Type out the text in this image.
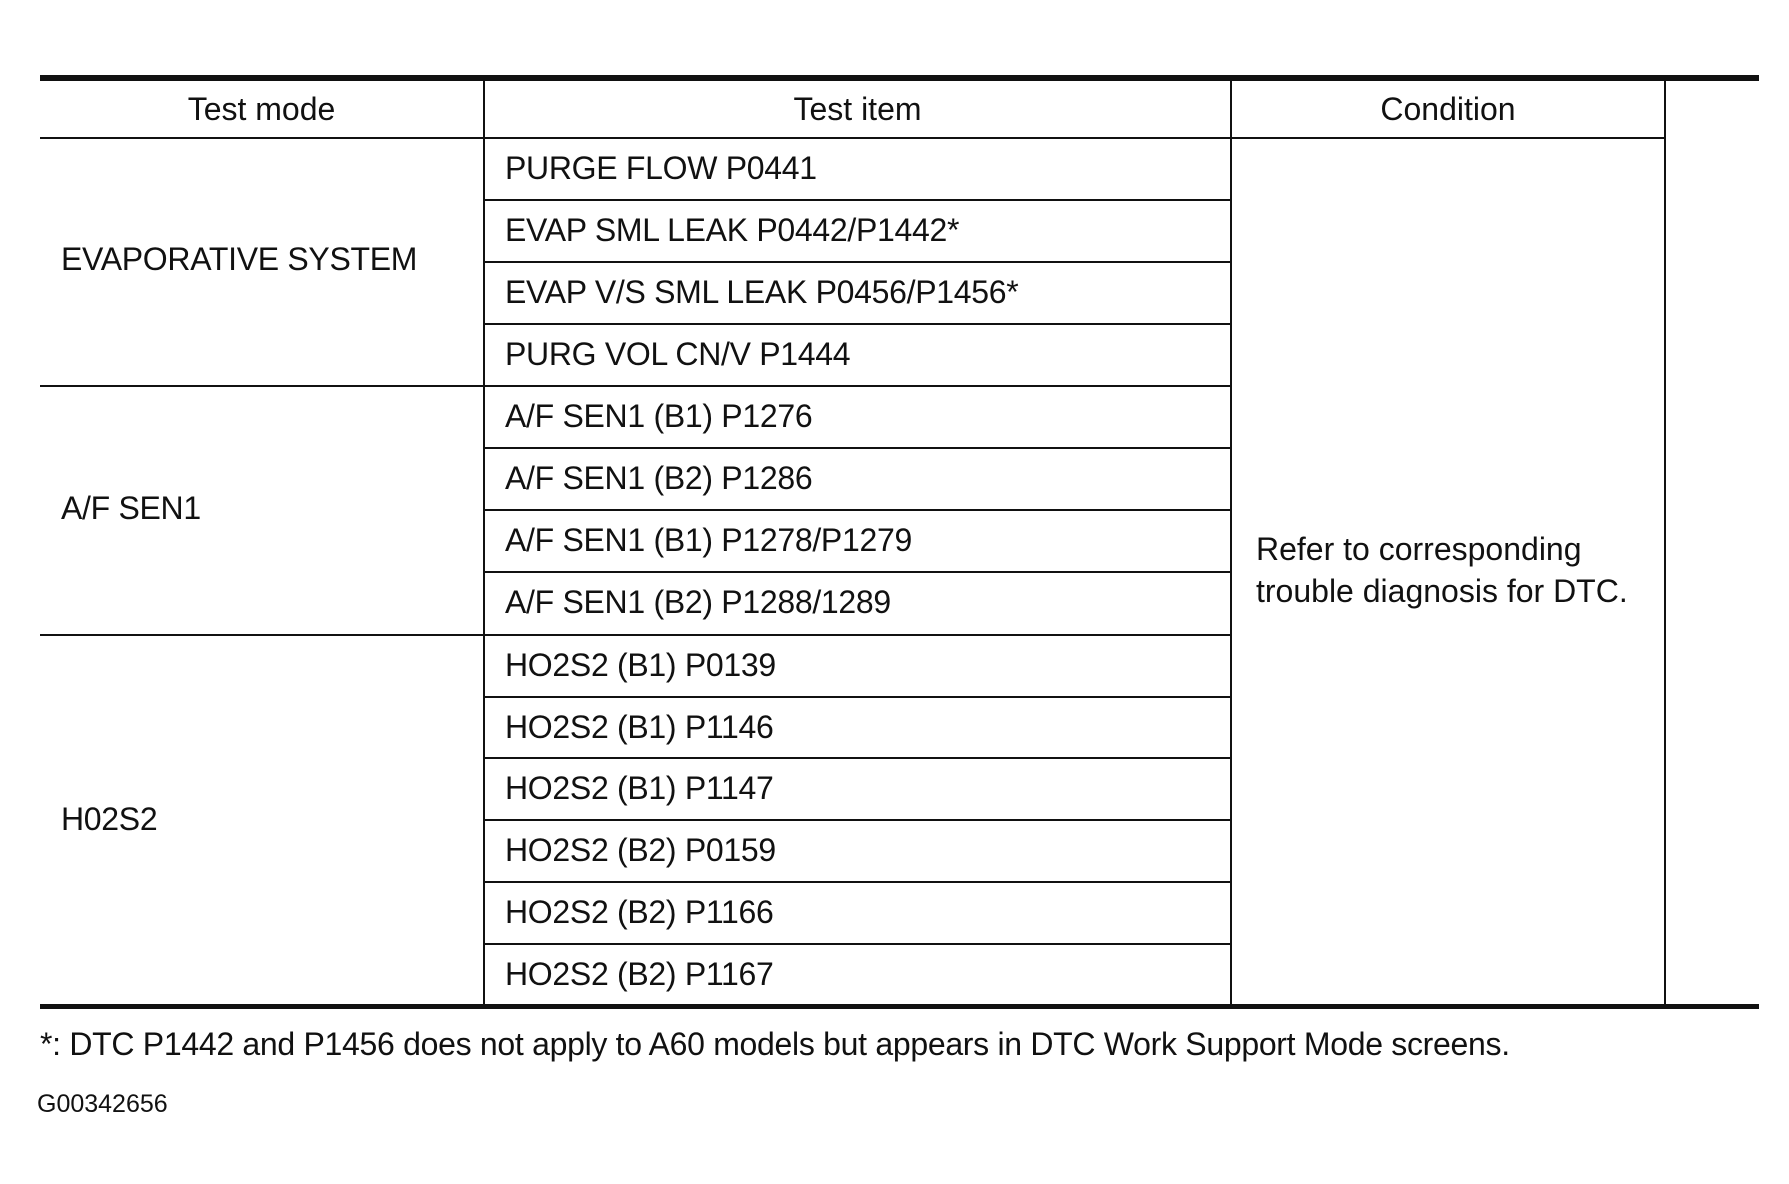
Test mode	Test item	Condition
EVAPORATIVE SYSTEM
A/F SEN1
H02S2
PURGE FLOW P0441
EVAP SML LEAK P0442/P1442*
EVAP V/S SML LEAK P0456/P1456*
PURG VOL CN/V P1444
A/F SEN1 (B1) P1276
A/F SEN1 (B2) P1286
A/F SEN1 (B1) P1278/P1279
A/F SEN1 (B2) P1288/1289
HO2S2 (B1) P0139
HO2S2 (B1) P1146
HO2S2 (B1) P1147
HO2S2 (B2) P0159
HO2S2 (B2) P1166
HO2S2 (B2) P1167
Refer to corresponding
trouble diagnosis for DTC.
*: DTC P1442 and P1456 does not apply to A60 models but appears in DTC Work Support Mode screens.
G00342656
